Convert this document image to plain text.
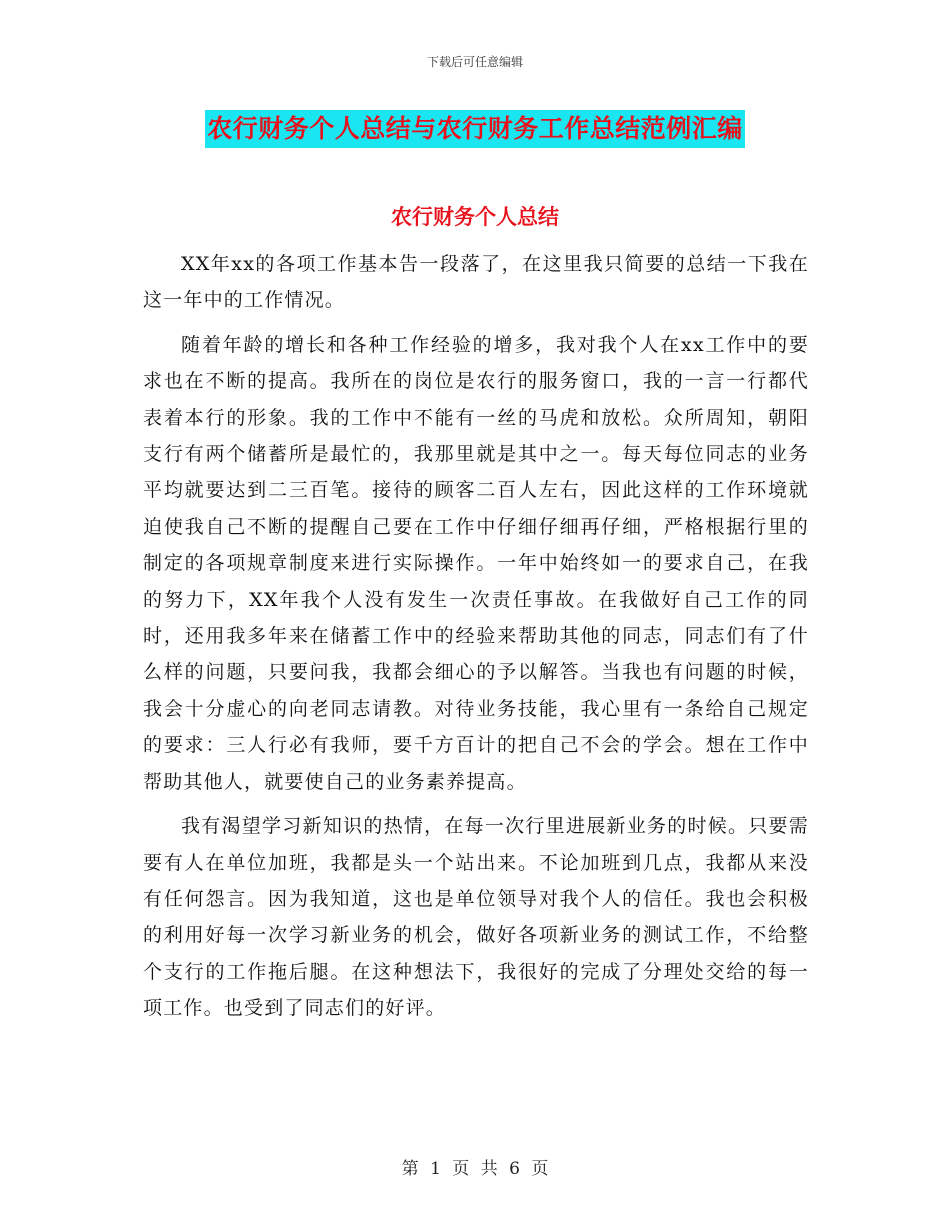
下载后可任意编辑
农行财务个人总结与农行财务工作总结范例汇编
农行财务个人总结

XX年xx的各项工作基本告一段落了，在这里我只简要的总结一下我在这一年中的工作情况。

随着年龄的增长和各种工作经验的增多，我对我个人在xx工作中的要求也在不断的提高。我所在的岗位是农行的服务窗口，我的一言一行都代表着本行的形象。我的工作中不能有一丝的马虎和放松。众所周知，朝阳支行有两个储蓄所是最忙的，我那里就是其中之一。每天每位同志的业务平均就要达到二三百笔。接待的顾客二百人左右，因此这样的工作环境就迫使我自己不断的提醒自己要在工作中仔细仔细再仔细，严格根据行里的制定的各项规章制度来进行实际操作。一年中始终如一的要求自己，在我的努力下，XX年我个人没有发生一次责任事故。在我做好自己工作的同时，还用我多年来在储蓄工作中的经验来帮助其他的同志，同志们有了什么样的问题，只要问我，我都会细心的予以解答。当我也有问题的时候，我会十分虚心的向老同志请教。对待业务技能，我心里有一条给自己规定的要求：三人行必有我师，要千方百计的把自己不会的学会。想在工作中帮助其他人，就要使自己的业务素养提高。

我有渴望学习新知识的热情，在每一次行里进展新业务的时候。只要需要有人在单位加班，我都是头一个站出来。不论加班到几点，我都从来没有任何怨言。因为我知道，这也是单位领导对我个人的信任。我也会积极的利用好每一次学习新业务的机会，做好各项新业务的测试工作，不给整个支行的工作拖后腿。在这种想法下，我很好的完成了分理处交给的每一项工作。也受到了同志们的好评。

第 1 页 共 6 页
